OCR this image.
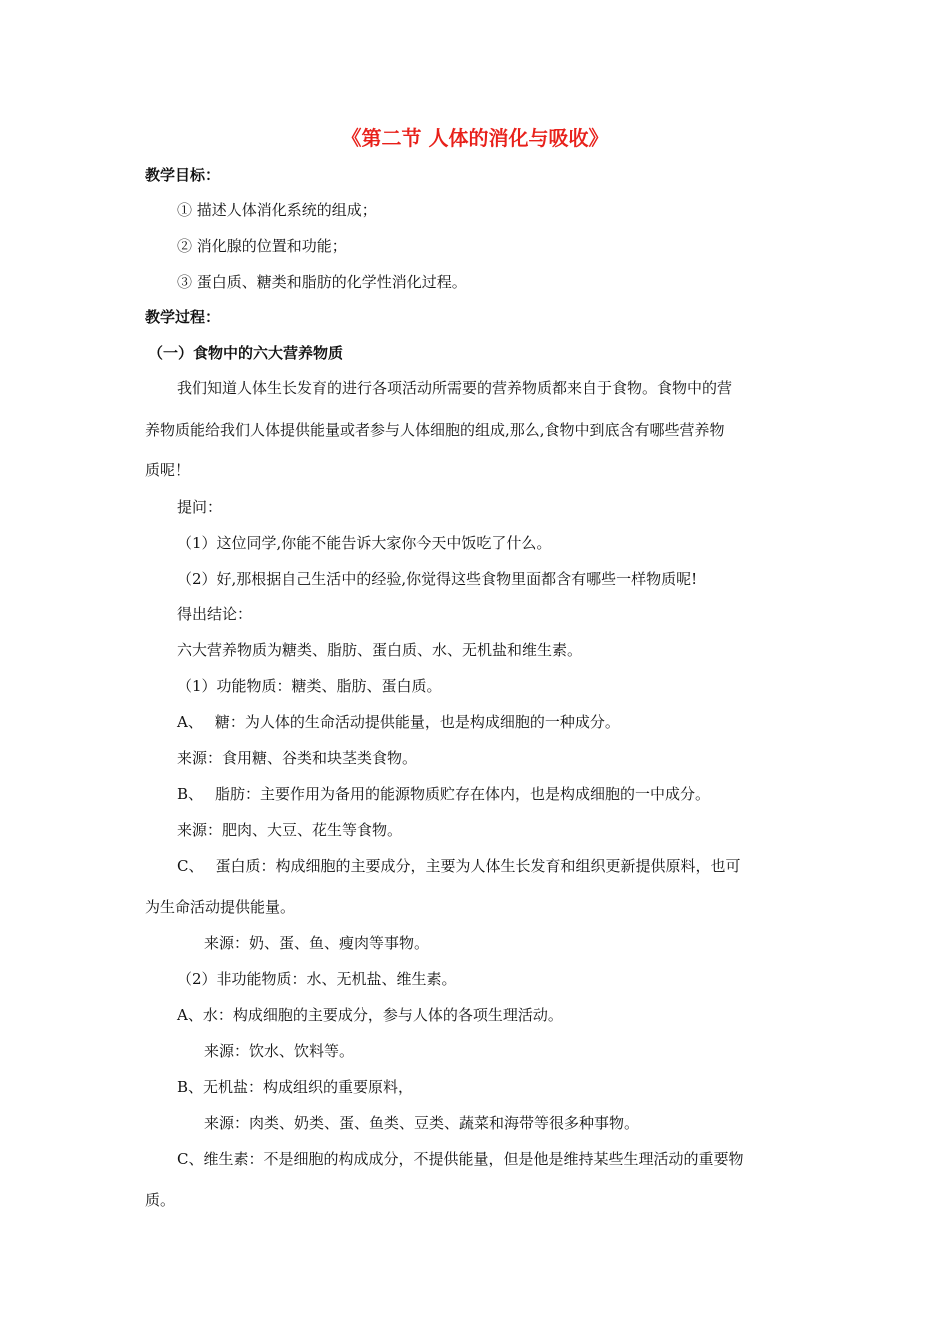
《第二节 人体的消化与吸收》
教学目标：
① 描述人体消化系统的组成；
② 消化腺的位置和功能；
③ 蛋白质、糖类和脂肪的化学性消化过程。
教学过程：
（一）食物中的六大营养物质
我们知道人体生长发育的进行各项活动所需要的营养物质都来自于食物。食物中的营
养物质能给我们人体提供能量或者参与人体细胞的组成,那么,食物中到底含有哪些营养物
质呢！
提问：
（1）这位同学,你能不能告诉大家你今天中饭吃了什么。
（2）好,那根据自己生活中的经验,你觉得这些食物里面都含有哪些一样物质呢!
得出结论：
六大营养物质为糖类、脂肪、蛋白质、水、无机盐和维生素。
（1）功能物质：糖类、脂肪、蛋白质。
A、 糖：为人体的生命活动提供能量，也是构成细胞的一种成分。
来源：食用糖、谷类和块茎类食物。
B、 脂肪：主要作用为备用的能源物质贮存在体内，也是构成细胞的一中成分。
来源：肥肉、大豆、花生等食物。
C、 蛋白质：构成细胞的主要成分，主要为人体生长发育和组织更新提供原料，也可
为生命活动提供能量。
来源：奶、蛋、鱼、瘦肉等事物。
（2）非功能物质：水、无机盐、维生素。
A、水：构成细胞的主要成分，参与人体的各项生理活动。
来源：饮水、饮料等。
B、无机盐：构成组织的重要原料，
来源：肉类、奶类、蛋、鱼类、豆类、蔬菜和海带等很多种事物。
C、维生素：不是细胞的构成成分，不提供能量，但是他是维持某些生理活动的重要物
质。
